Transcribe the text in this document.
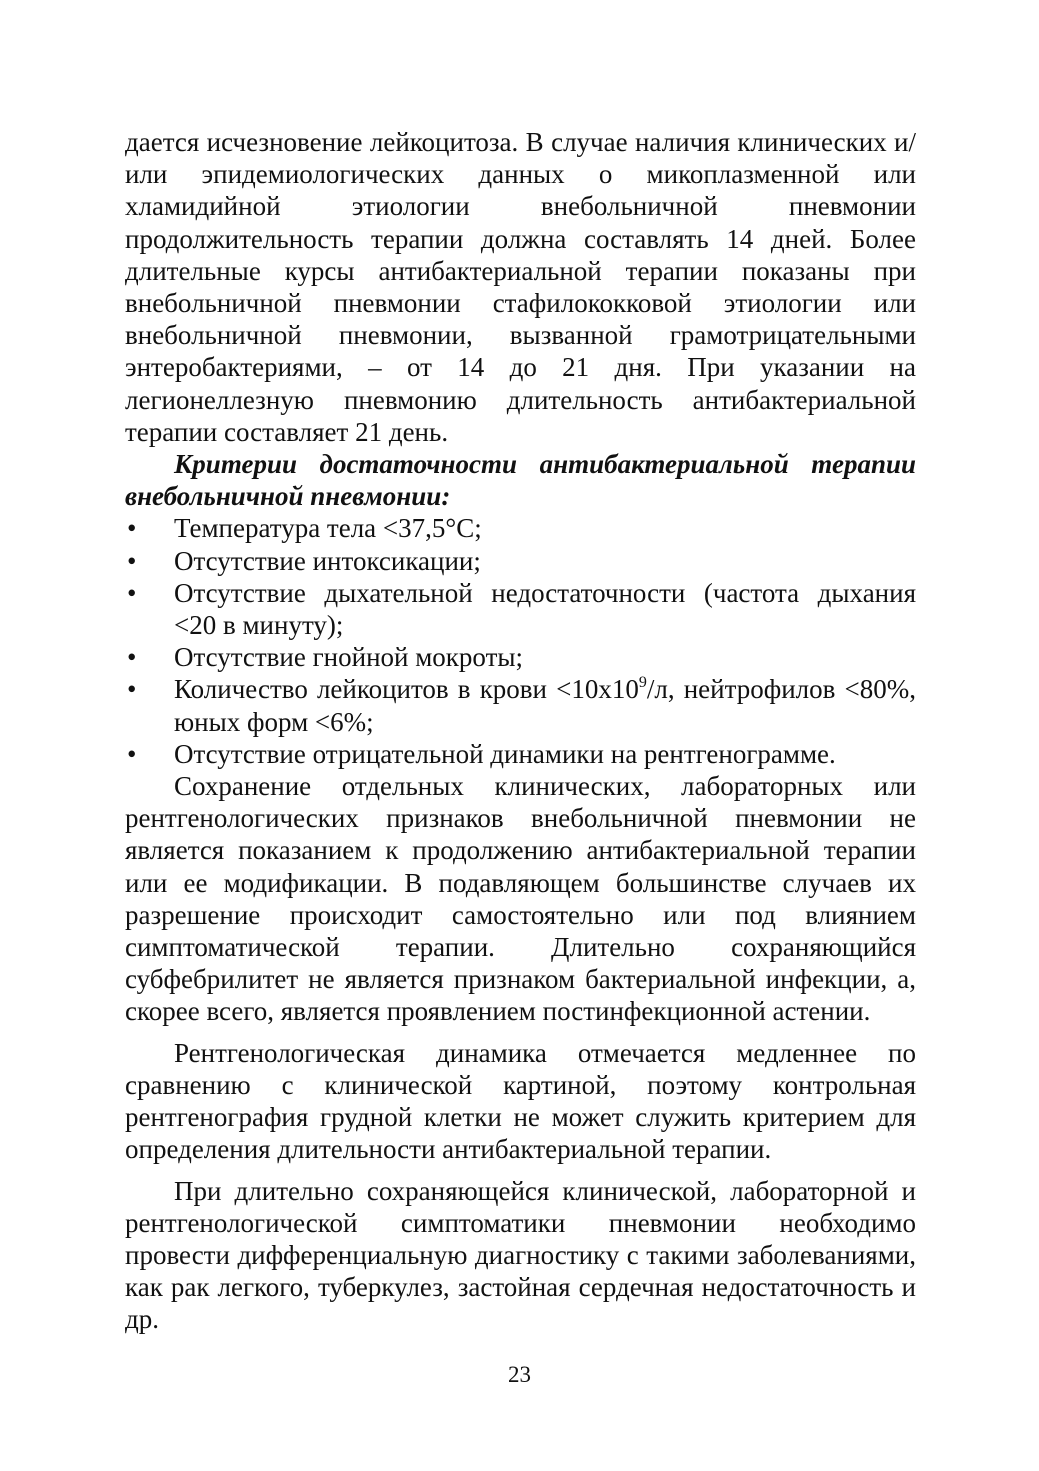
дается исчезновение лейкоцитоза. В случае наличия клинических и/или эпидемиологических данных о микоплазменной или хламидийной этиологии внебольничной пневмонии продолжительность терапии должна составлять 14 дней. Более длительные курсы антибактериальной терапии показаны при внебольничной пневмонии стафилококковой этиологии или внебольничной пневмонии, вызванной грамотрицательными энтеробактериями, – от 14 до 21 дня. При указании на легионеллезную пневмонию длительность антибактериальной терапии составляет 21 день.

Критерии достаточности антибактериальной терапии внебольничной пневмонии:

• Температура тела <37,5°С;
• Отсутствие интоксикации;
• Отсутствие дыхательной недостаточности (частота дыхания <20 в минуту);
• Отсутствие гнойной мокроты;
• Количество лейкоцитов в крови $<10х10^9/л$, нейтрофилов <80%, юных форм <6%;
• Отсутствие отрицательной динамики на рентгенограмме.

Сохранение отдельных клинических, лабораторных или рентгенологических признаков внебольничной пневмонии не является показанием к продолжению антибактериальной терапии или ее модификации. В подавляющем большинстве случаев их разрешение происходит самостоятельно или под влиянием симптоматической терапии. Длительно сохраняющийся субфебрилитет не является признаком бактериальной инфекции, а, скорее всего, является проявлением постинфекционной астении.

Рентгенологическая динамика отмечается медленнее по сравнению с клинической картиной, поэтому контрольная рентгенография грудной клетки не может служить критерием для определения длительности антибактериальной терапии.

При длительно сохраняющейся клинической, лабораторной и рентгенологической симптоматики пневмонии необходимо провести дифференциальную диагностику с такими заболеваниями, как рак легкого, туберкулез, застойная сердечная недостаточность и др.

23
